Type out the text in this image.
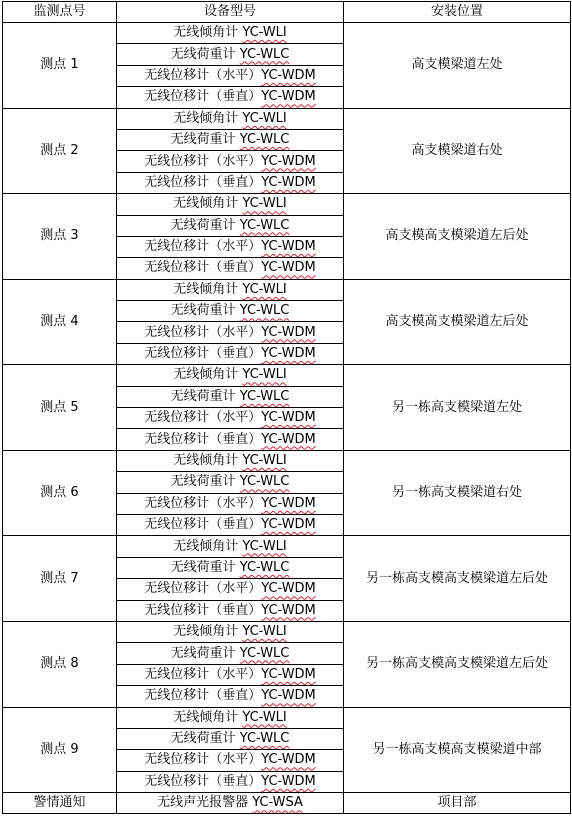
监测点号	设备型号	安装位置
测点 1	无线倾角计 YC-WLI	高支模梁道左处
	无线荷重计 YC-WLC	
	无线位移计（水平）YC-WDM	
	无线位移计（垂直）YC-WDM	
测点 2	无线倾角计 YC-WLI	高支模梁道右处
	无线荷重计 YC-WLC	
	无线位移计（水平）YC-WDM	
	无线位移计（垂直）YC-WDM	
测点 3	无线倾角计 YC-WLI	高支模高支模梁道左后处
	无线荷重计 YC-WLC	
	无线位移计（水平）YC-WDM	
	无线位移计（垂直）YC-WDM	
测点 4	无线倾角计 YC-WLI	高支模高支模梁道左后处
	无线荷重计 YC-WLC	
	无线位移计（水平）YC-WDM	
	无线位移计（垂直）YC-WDM	
测点 5	无线倾角计 YC-WLI	另一栋高支模梁道左处
	无线荷重计 YC-WLC	
	无线位移计（水平）YC-WDM	
	无线位移计（垂直）YC-WDM	
测点 6	无线倾角计 YC-WLI	另一栋高支模梁道右处
	无线荷重计 YC-WLC	
	无线位移计（水平）YC-WDM	
	无线位移计（垂直）YC-WDM	
测点 7	无线倾角计 YC-WLI	另一栋高支模高支模梁道左后处
	无线荷重计 YC-WLC	
	无线位移计（水平）YC-WDM	
	无线位移计（垂直）YC-WDM	
测点 8	无线倾角计 YC-WLI	另一栋高支模高支模梁道左后处
	无线荷重计 YC-WLC	
	无线位移计（水平）YC-WDM	
	无线位移计（垂直）YC-WDM	
测点 9	无线倾角计 YC-WLI	另一栋高支模高支模梁道中部
	无线荷重计 YC-WLC	
	无线位移计（水平）YC-WDM	
	无线位移计（垂直）YC-WDM	
警情通知	无线声光报警器 YC-WSA	项目部
